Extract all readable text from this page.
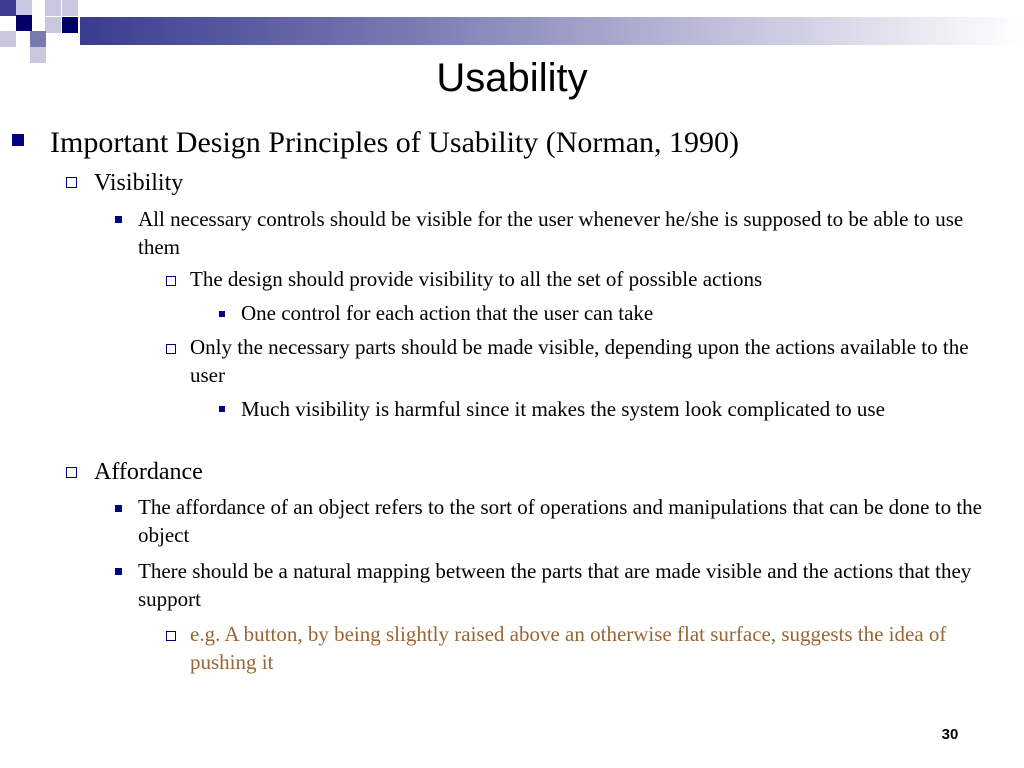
Usability
Important Design Principles of Usability (Norman, 1990)
Visibility
All necessary controls should be visible for the user whenever he/she is supposed to be able to use them
The design should provide visibility to all the set of possible actions
One control for each action that the user can take
Only the necessary parts should be made visible, depending upon the actions available to the user
Much visibility is harmful since it makes the system look complicated to use
Affordance
The affordance of an object refers to the sort of operations and manipulations that can be done to the object
There should be a natural mapping between the parts that are made visible and the actions that they support
e.g. A button, by being slightly raised above an otherwise flat surface, suggests the idea of pushing it
30
